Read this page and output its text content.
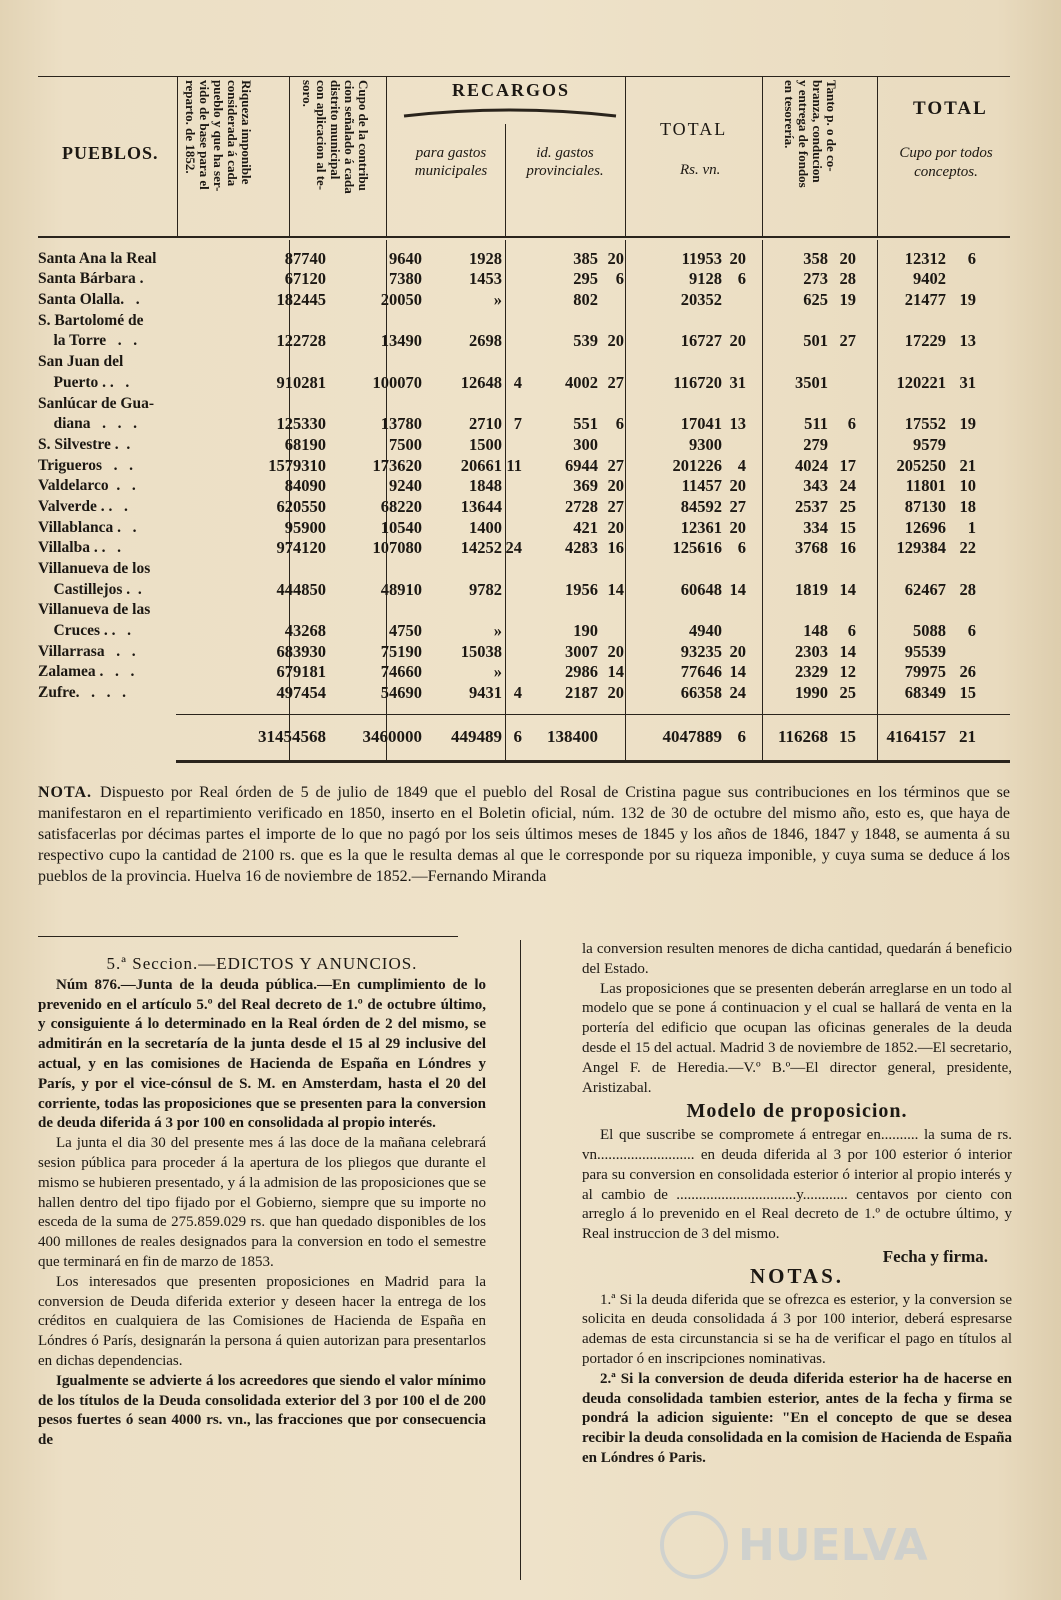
PUEBLOS.
Riqueza imponible
considerada á cada
pueblo y que ha ser-
vido de base para el
reparto. de 1852.
Cupo de la contribu
cion señalado á cada
distrito municipal
con aplicacion al te-
soro.	RECARGOS
para gastos
municipales
id. gastos
provinciales.
TOTAL
Rs. vn.
Tanto p. o de co-
branza, conducion
y entrega de fondos
en tesorería.	TOTAL
Cupo por todos
conceptos.
Santa Ana la Real	87740	9640	1928		385	20	11953	20	358	20	12312	6
Santa Bárbara .	67120	7380	1453		295	6	9128	6	273	28	9402	
Santa Olalla.   .	182445	20050	»		802		20352		625	19	21477	19
S. Bartolomé de												
la Torre   .   .	122728	13490	2698		539	20	16727	20	501	27	17229	13
San Juan del												
Puerto . .   .	910281	100070	12648	4	4002	27	116720	31	3501		120221	31
Sanlúcar de Gua-												
diana   .   .   .	125330	13780	2710	7	551	6	17041	13	511	6	17552	19
S. Silvestre .  .	68190	7500	1500		300		9300		279		9579	
Trigueros   .   .	1579310	173620	20661	11	6944	27	201226	4	4024	17	205250	21
Valdelarco  .   .	84090	9240	1848		369	20	11457	20	343	24	11801	10
Valverde . .   .	620550	68220	13644		2728	27	84592	27	2537	25	87130	18
Villablanca .   .	95900	10540	1400		421	20	12361	20	334	15	12696	1
Villalba . .   .	974120	107080	14252	24	4283	16	125616	6	3768	16	129384	22
Villanueva de los												
Castillejos .  .	444850	48910	9782		1956	14	60648	14	1819	14	62467	28
Villanueva de las												
Cruces . .   .	43268	4750	»		190		4940		148	6	5088	6
Villarrasa   .   .	683930	75190	15038		3007	20	93235	20	2303	14	95539	
Zalamea .   .   .	679181	74660	»		2986	14	77646	14	2329	12	79975	26
Zufre.   .   .   .	497454	54690	9431	4	2187	20	66358	24	1990	25	68349	15
	31454568	3460000	449489	6	138400		4047889	6	116268	15	4164157	21
NOTA. Dispuesto por Real órden de 5 de julio de 1849 que el pueblo del Rosal de Cristina pague sus contribuciones en los términos que se manifestaron en el repartimiento verificado en 1850, inserto en el Boletin oficial, núm. 132 de 30 de octubre del mismo año, esto es, que haya de satisfacerlas por décimas partes el importe de lo que no pagó por los seis últimos meses de 1845 y los años de 1846, 1847 y 1848, se aumenta á su respectivo cupo la cantidad de 2100 rs. que es la que le resulta demas al que le corresponde por su riqueza imponible, y cuya suma se deduce á los pueblos de la provincia. Huelva 16 de noviembre de 1852.—Fernando Miranda
5.ª Seccion.—EDICTOS Y ANUNCIOS.

Núm 876.—Junta de la deuda pública.—En cumplimiento de lo prevenido en el artículo 5.º del Real decreto de 1.º de octubre último, y consiguiente á lo determinado en la Real órden de 2 del mismo, se admitirán en la secretaría de la junta desde el 15 al 29 inclusive del actual, y en las comisiones de Hacienda de España en Lóndres y París, y por el vice-cónsul de S. M. en Amsterdam, hasta el 20 del corriente, todas las proposiciones que se presenten para la conversion de deuda diferida á 3 por 100 en consolidada al propio interés.

La junta el dia 30 del presente mes á las doce de la mañana celebrará sesion pública para proceder á la apertura de los pliegos que durante el mismo se hubieren presentado, y á la admision de las proposiciones que se hallen dentro del tipo fijado por el Gobierno, siempre que su importe no esceda de la suma de 275.859.029 rs. que han quedado disponibles de los 400 millones de reales designados para la conversion en todo el semestre que terminará en fin de marzo de 1853.

Los interesados que presenten proposiciones en Madrid para la conversion de Deuda diferida exterior y deseen hacer la entrega de los créditos en cualquiera de las Comisiones de Hacienda de España en Lóndres ó París, designarán la persona á quien autorizan para presentarlos en dichas dependencias.

Igualmente se advierte á los acreedores que siendo el valor mínimo de los títulos de la Deuda consolidada exterior del 3 por 100 el de 200 pesos fuertes ó sean 4000 rs. vn., las fracciones que por consecuencia de

la conversion resulten menores de dicha cantidad, quedarán á beneficio del Estado.

Las proposiciones que se presenten deberán arreglarse en un todo al modelo que se pone á continuacion y el cual se hallará de venta en la portería del edificio que ocupan las oficinas generales de la deuda desde el 15 del actual. Madrid 3 de noviembre de 1852.—El secretario, Angel F. de Heredia.—V.º B.º—El director general, presidente, Aristizabal.

Modelo de proposicion.

El que suscribe se compromete á entregar en.......... la suma de rs. vn.......................... en deuda diferida al 3 por 100 esterior ó interior para su conversion en consolidada esterior ó interior al propio interés y al cambio de ................................y............ centavos por ciento con arreglo á lo prevenido en el Real decreto de 1.º de octubre último, y Real instruccion de 3 del mismo.

Fecha y firma.
NOTAS.

1.ª Si la deuda diferida que se ofrezca es esterior, y la conversion se solicita en deuda consolidada á 3 por 100 interior, deberá espresarse ademas de esta circunstancia si se ha de verificar el pago en títulos al portador ó en inscripciones nominativas.

2.ª Si la conversion de deuda diferida esterior ha de hacerse en deuda consolidada tambien esterior, antes de la fecha y firma se pondrá la adicion siguiente: "En el concepto de que se desea recibir la deuda consolidada en la comision de Hacienda de España en Lóndres ó Paris.

HUELVA
